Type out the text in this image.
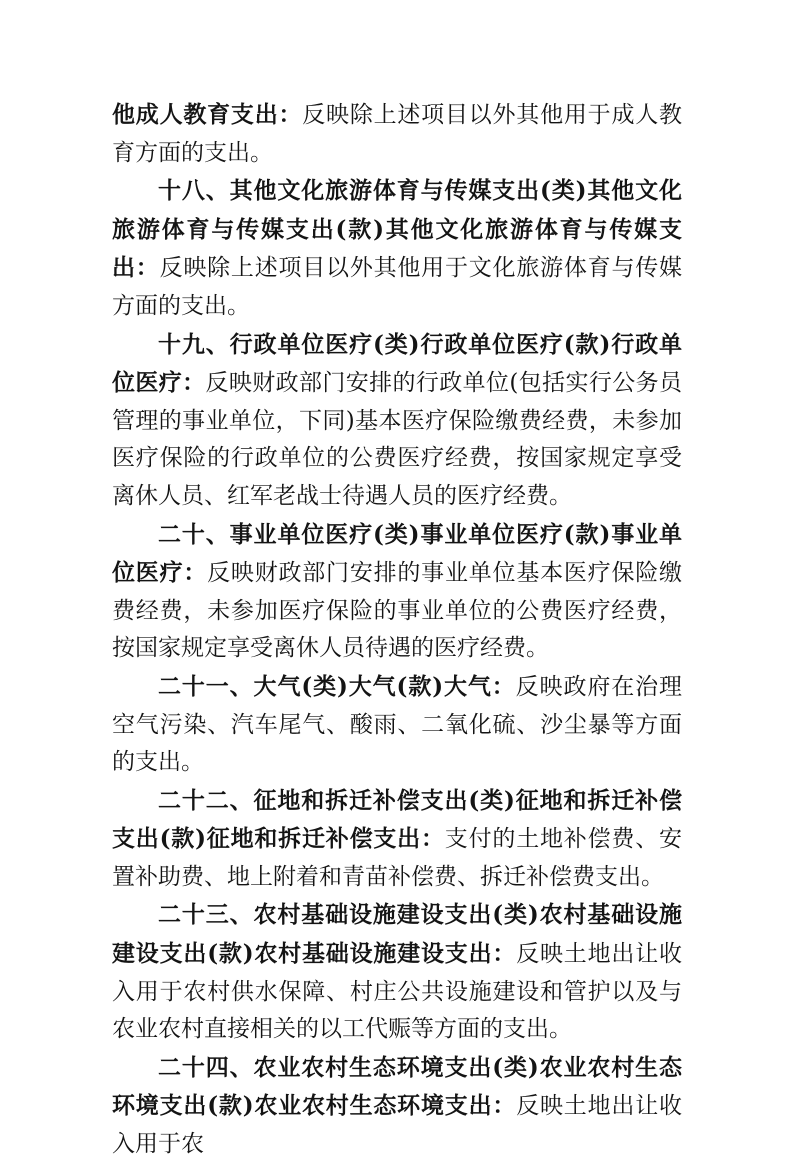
他成人教育支出：反映除上述项目以外其他用于成人教育方面的支出。

十八、其他文化旅游体育与传媒支出(类)其他文化旅游体育与传媒支出(款)其他文化旅游体育与传媒支出：反映除上述项目以外其他用于文化旅游体育与传媒方面的支出。

十九、行政单位医疗(类)行政单位医疗(款)行政单位医疗：反映财政部门安排的行政单位(包括实行公务员管理的事业单位，下同)基本医疗保险缴费经费，未参加医疗保险的行政单位的公费医疗经费，按国家规定享受离休人员、红军老战士待遇人员的医疗经费。

二十、事业单位医疗(类)事业单位医疗(款)事业单位医疗：反映财政部门安排的事业单位基本医疗保险缴费经费，未参加医疗保险的事业单位的公费医疗经费，按国家规定享受离休人员待遇的医疗经费。

二十一、大气(类)大气(款)大气：反映政府在治理空气污染、汽车尾气、酸雨、二氧化硫、沙尘暴等方面的支出。

二十二、征地和拆迁补偿支出(类)征地和拆迁补偿支出(款)征地和拆迁补偿支出：支付的土地补偿费、安置补助费、地上附着和青苗补偿费、拆迁补偿费支出。

二十三、农村基础设施建设支出(类)农村基础设施建设支出(款)农村基础设施建设支出：反映土地出让收入用于农村供水保障、村庄公共设施建设和管护以及与农业农村直接相关的以工代赈等方面的支出。

二十四、农业农村生态环境支出(类)农业农村生态环境支出(款)农业农村生态环境支出：反映土地出让收入用于农
